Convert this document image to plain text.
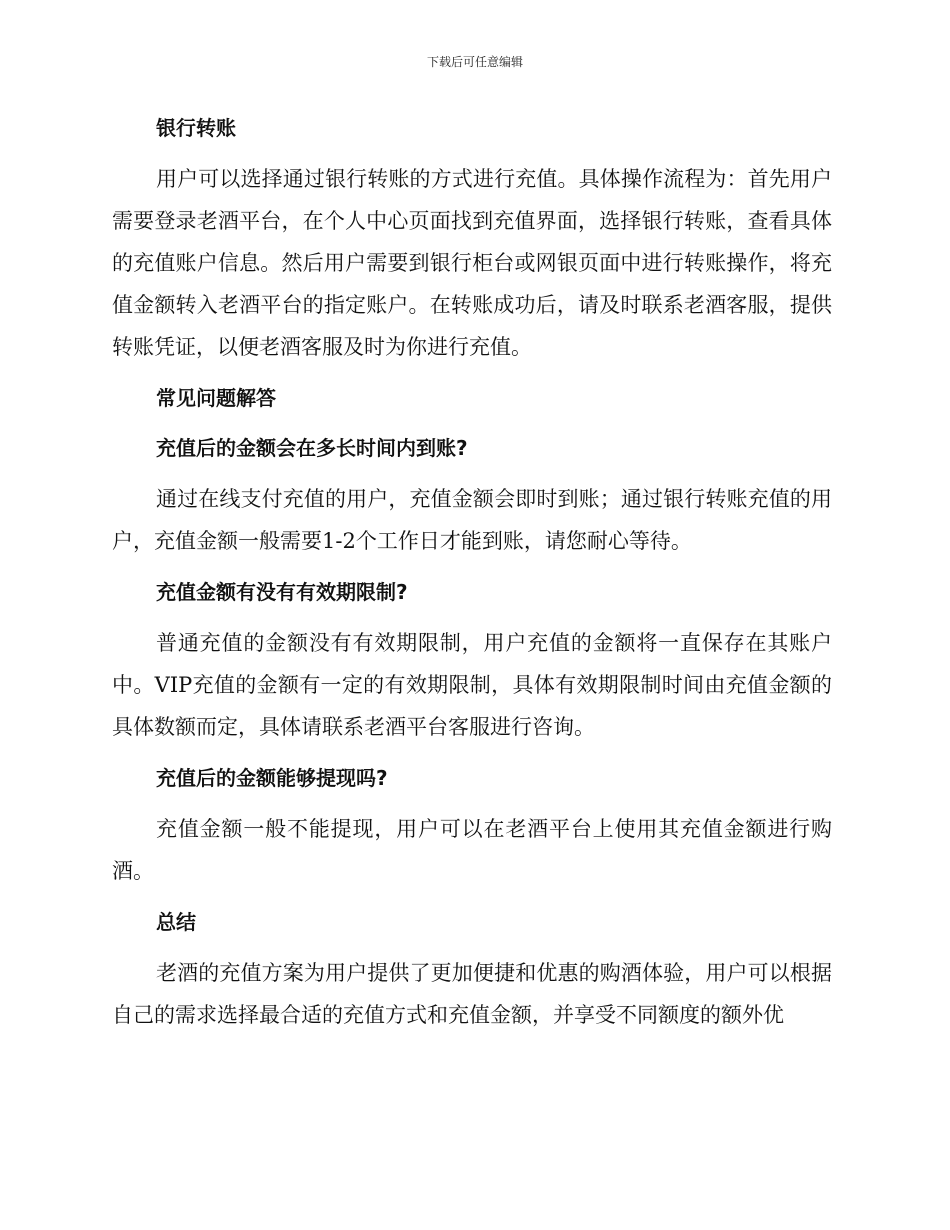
下载后可任意编辑
银行转账
用户可以选择通过银行转账的方式进行充值。具体操作流程为：首先用户需要登录老酒平台，在个人中心页面找到充值界面，选择银行转账，查看具体的充值账户信息。然后用户需要到银行柜台或网银页面中进行转账操作，将充值金额转入老酒平台的指定账户。在转账成功后，请及时联系老酒客服，提供转账凭证，以便老酒客服及时为你进行充值。
常见问题解答
充值后的金额会在多长时间内到账?
通过在线支付充值的用户，充值金额会即时到账；通过银行转账充值的用户，充值金额一般需要1-2个工作日才能到账，请您耐心等待。
充值金额有没有有效期限制?
普通充值的金额没有有效期限制，用户充值的金额将一直保存在其账户中。VIP充值的金额有一定的有效期限制，具体有效期限制时间由充值金额的具体数额而定，具体请联系老酒平台客服进行咨询。
充值后的金额能够提现吗?
充值金额一般不能提现，用户可以在老酒平台上使用其充值金额进行购酒。
总结
老酒的充值方案为用户提供了更加便捷和优惠的购酒体验，用户可以根据自己的需求选择最合适的充值方式和充值金额，并享受不同额度的额外优
